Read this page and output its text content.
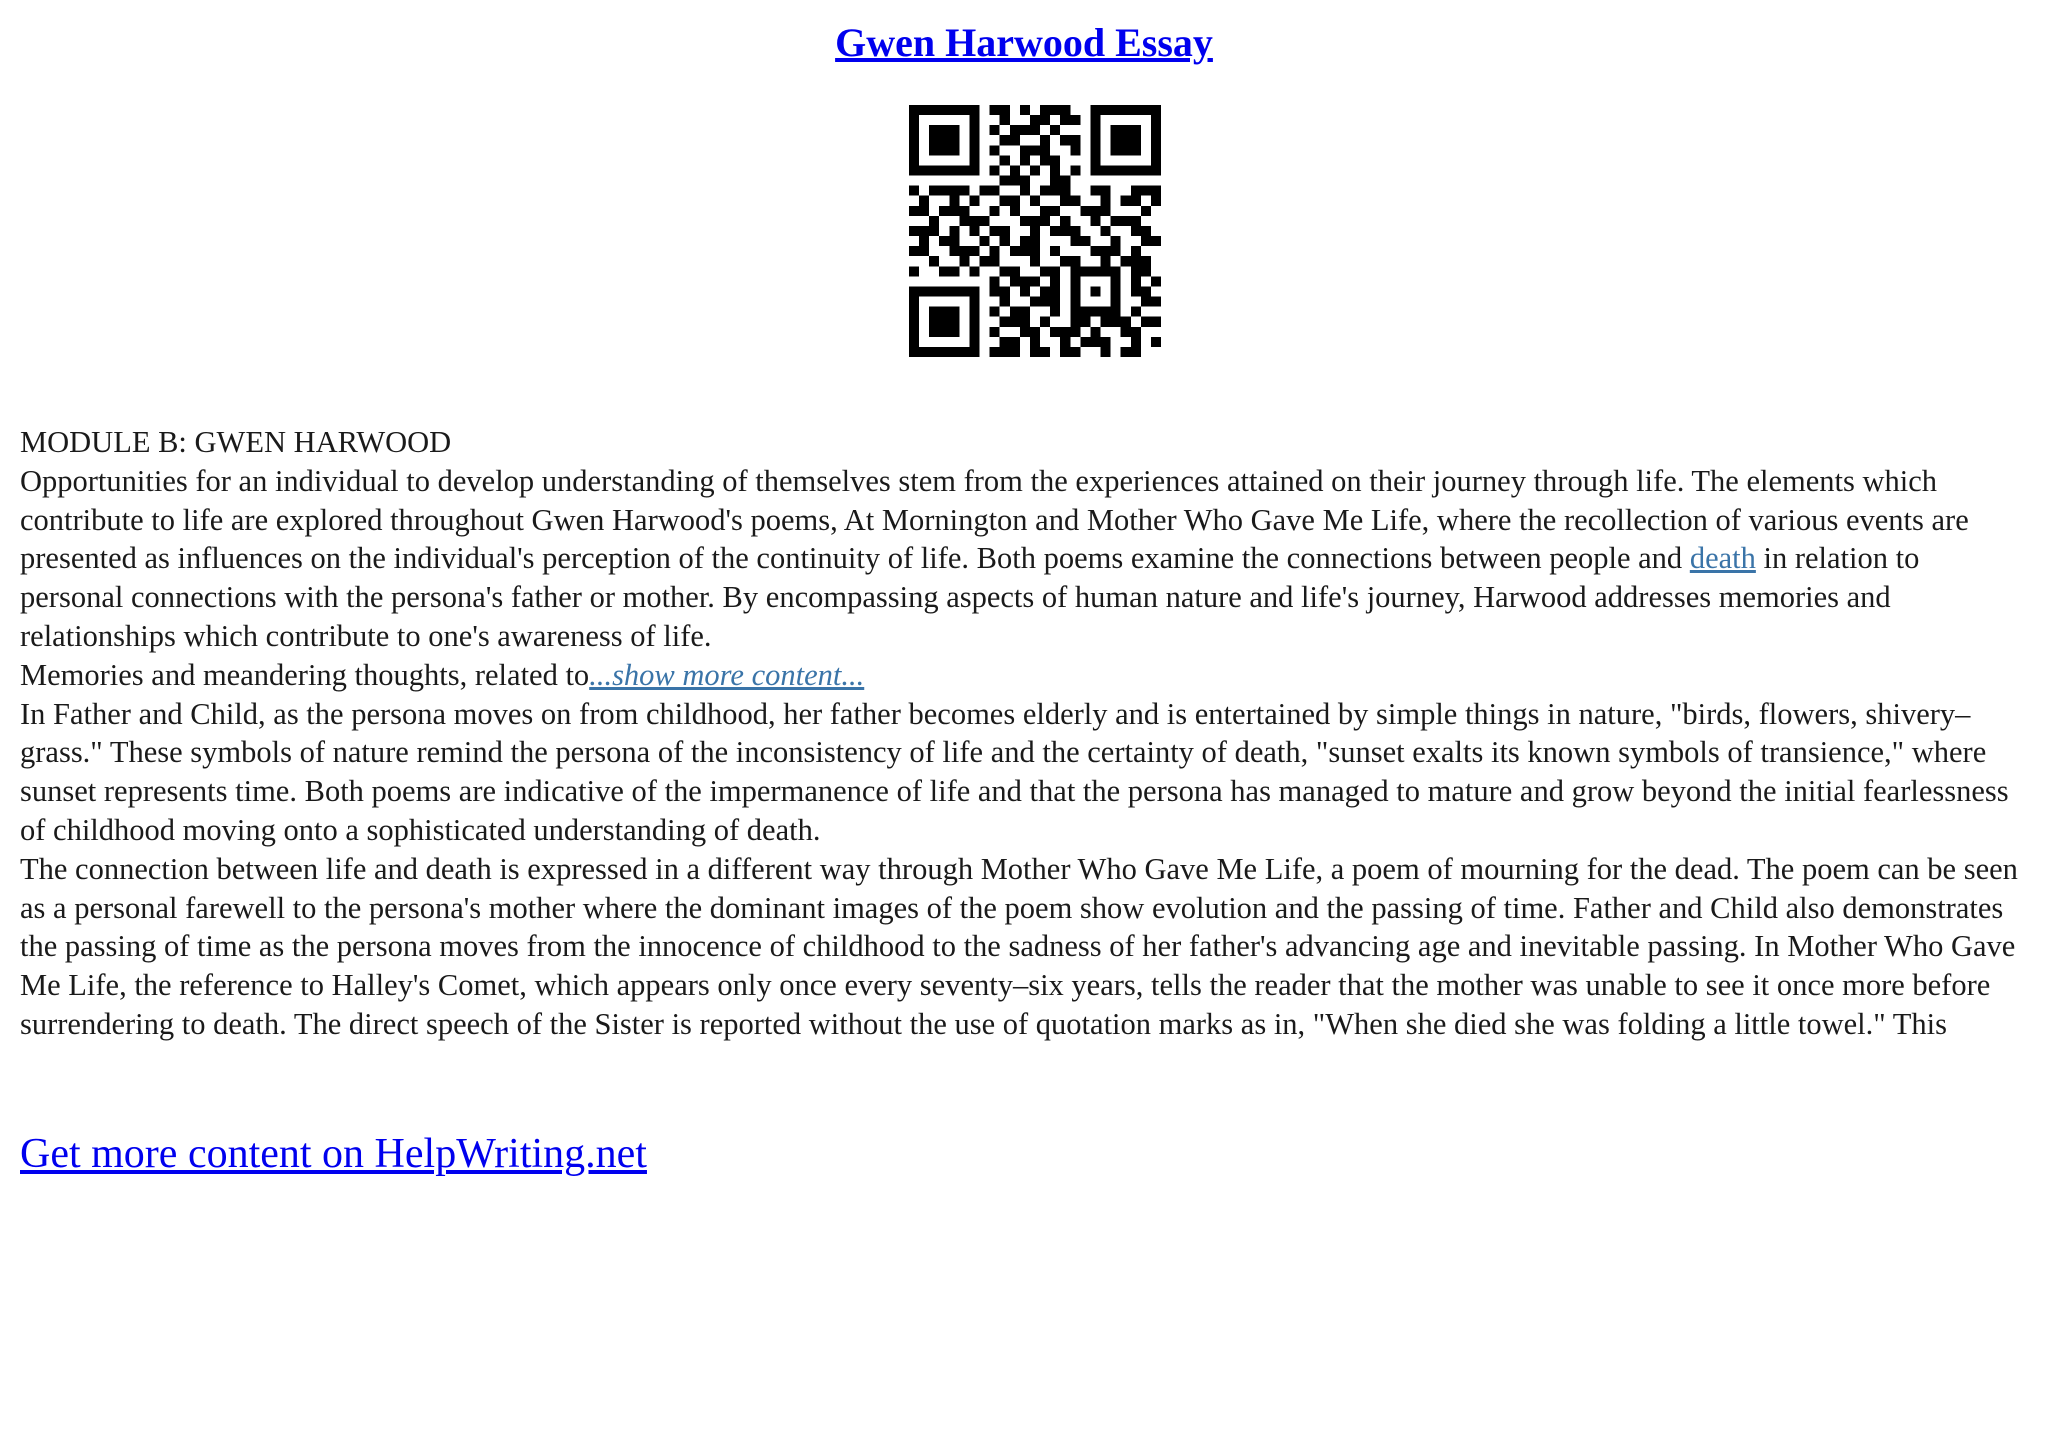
Gwen Harwood Essay

MODULE B: GWEN HARWOOD

Opportunities for an individual to develop understanding of themselves stem from the experiences attained on their journey through life. The elements which contribute to life are explored throughout Gwen Harwood's poems, At Mornington and Mother Who Gave Me Life, where the recollection of various events are presented as influences on the individual's perception of the continuity of life. Both poems examine the connections between people and death in relation to personal connections with the persona's father or mother. By encompassing aspects of human nature and life's journey, Harwood addresses memories and relationships which contribute to one's awareness of life.

Memories and meandering thoughts, related to...show more content...

In Father and Child, as the persona moves on from childhood, her father becomes elderly and is entertained by simple things in nature, "birds, flowers, shivery–grass." These symbols of nature remind the persona of the inconsistency of life and the certainty of death, "sunset exalts its known symbols of transience," where sunset represents time. Both poems are indicative of the impermanence of life and that the persona has managed to mature and grow beyond the initial fearlessness of childhood moving onto a sophisticated understanding of death.

The connection between life and death is expressed in a different way through Mother Who Gave Me Life, a poem of mourning for the dead. The poem can be seen as a personal farewell to the persona's mother where the dominant images of the poem show evolution and the passing of time. Father and Child also demonstrates the passing of time as the persona moves from the innocence of childhood to the sadness of her father's advancing age and inevitable passing. In Mother Who Gave Me Life, the reference to Halley's Comet, which appears only once every seventy–six years, tells the reader that the mother was unable to see it once more before surrendering to death. The direct speech of the Sister is reported without the use of quotation marks as in, "When she died she was folding a little towel." This

Get more content on HelpWriting.net
